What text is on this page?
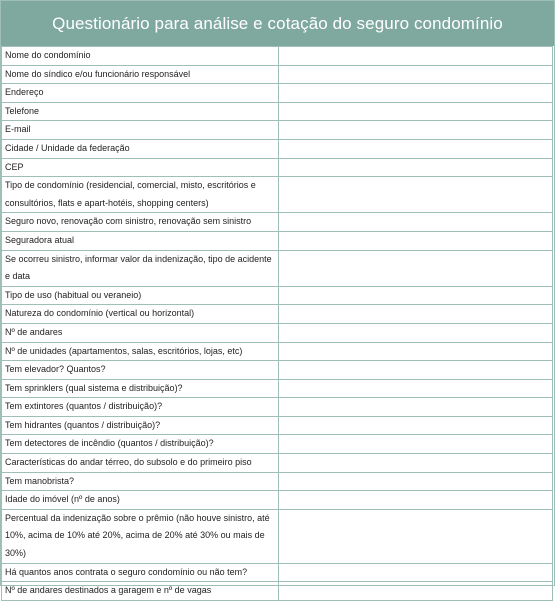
Questionário para análise e cotação do seguro condomínio
Nome do condomínio	
Nome do síndico e/ou funcionário responsável	
Endereço	
Telefone	
E-mail	
Cidade / Unidade da federação	
CEP	
Tipo de condomínio (residencial, comercial, misto, escritórios e consultórios, flats e apart-hotéis, shopping centers)	
Seguro novo, renovação com sinistro, renovação sem sinistro	
Seguradora atual	
Se ocorreu sinistro, informar valor da indenização, tipo de acidente e data	
Tipo de uso (habitual ou veraneio)	
Natureza do condomínio (vertical ou horizontal)	
Nº de andares	
Nº de unidades (apartamentos, salas, escritórios, lojas, etc)	
Tem elevador? Quantos?	
Tem sprinklers (qual sistema e distribuição)?	
Tem extintores (quantos / distribuição)?	
Tem hidrantes (quantos / distribuição)?	
Tem detectores de incêndio (quantos / distribuição)?	
Características do andar térreo, do subsolo e do primeiro piso	
Tem manobrista?	
Idade do imóvel (nº de anos)	
Percentual da indenização sobre o prêmio (não houve sinistro, até 10%, acima de 10% até 20%, acima de 20% até 30% ou mais de 30%)	
Há quantos anos contrata o seguro condomínio ou não tem?	
Nº de andares destinados a garagem e nº de vagas	
